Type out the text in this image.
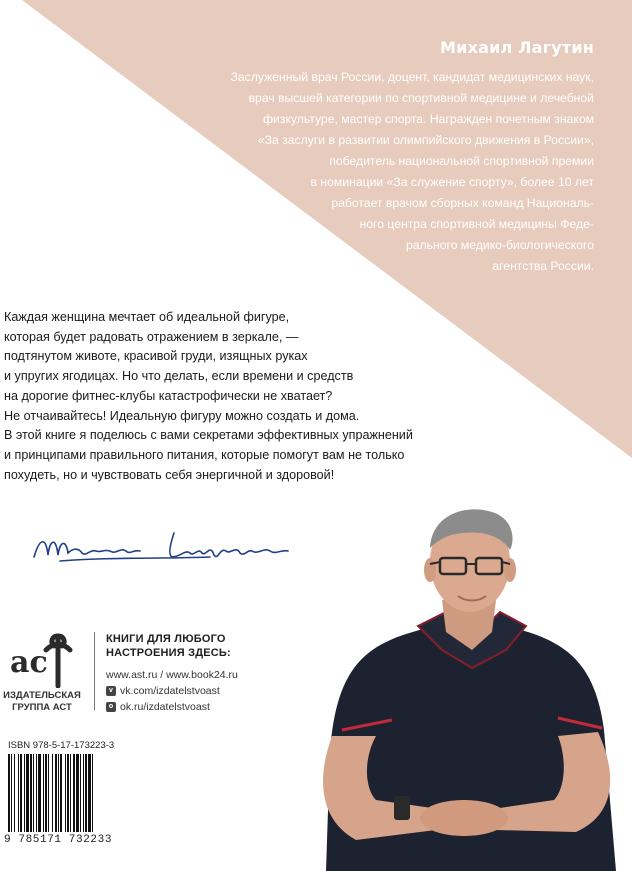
Михаил Лагутин
Заслуженный врач России, доцент, кандидат медицинских наук,
врач высшей категории по спортивной медицине и лечебной
физкультуре, мастер спорта. Награжден почетным знаком
«За заслуги в развитии олимпийского движения в России»,
победитель национальной спортивной премии
в номинации «За служение спорту», более 10 лет
работает врачом сборных команд Националь-
ного центра спортивной медицины Феде-
рального медико-биологического
агентства России.
Каждая женщина мечтает об идеальной фигуре,
которая будет радовать отражением в зеркале, —
подтянутом животе, красивой груди, изящных руках
и упругих ягодицах. Но что делать, если времени и средств
на дорогие фитнес-клубы катастрофически не хватает?
Не отчаивайтесь! Идеальную фигуру можно создать и дома.
В этой книге я поделюсь с вами секретами эффективных упражнений
и принципами правильного питания, которые помогут вам не только
похудеть, но и чувствовать себя энергичной и здоровой!
ac
ИЗДАТЕЛЬСКАЯ
ГРУППА АСТ
КНИГИ ДЛЯ ЛЮБОГО
НАСТРОЕНИЯ ЗДЕСЬ:
www.ast.ru / www.book24.ru
v vk.com/izdatelstvoast
o ok.ru/izdatelstvoast
ISBN 978-5-17-173223-3
9 785171 732233
